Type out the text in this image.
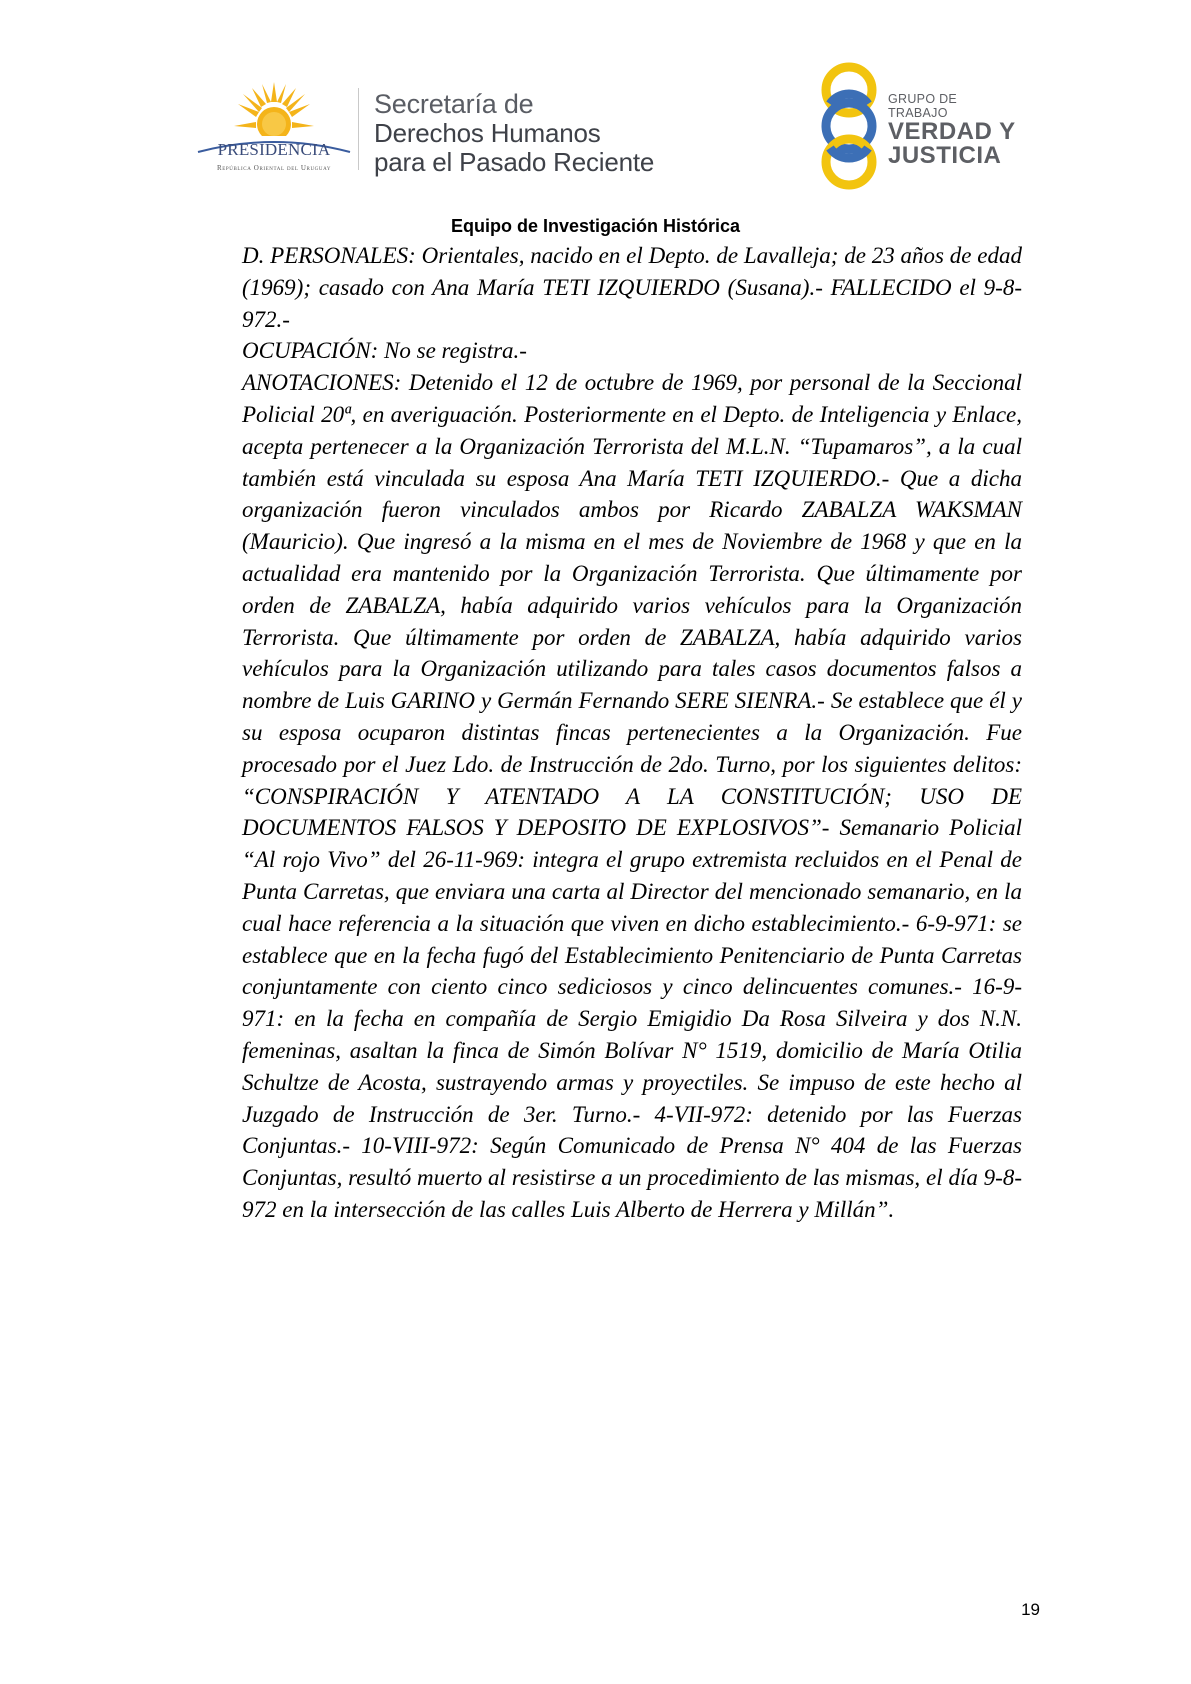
PRESIDENCIA
República Oriental del Uruguay
Secretaría de
Derechos Humanos
para el Pasado Reciente
GRUPO DE TRABAJO
VERDAD Y
JUSTICIA
Equipo de Investigación Histórica

D. PERSONALES: Orientales, nacido en el Depto. de Lavalleja; de 23 años de edad (1969); casado con Ana María TETI IZQUIERDO (Susana).- FALLECIDO el 9-8-972.-

OCUPACIÓN: No se registra.-

ANOTACIONES: Detenido el 12 de octubre de 1969, por personal de la Seccional Policial 20ª, en averiguación. Posteriormente en el Depto. de Inteligencia y Enlace, acepta pertenecer a la Organización Terrorista del M.L.N. “Tupamaros”, a la cual también está vinculada su esposa Ana María TETI IZQUIERDO.- Que a dicha organización fueron vinculados ambos por Ricardo ZABALZA WAKSMAN (Mauricio). Que ingresó a la misma en el mes de Noviembre de 1968 y que en la actualidad era mantenido por la Organización Terrorista. Que últimamente por orden de ZABALZA, había adquirido varios vehículos para la Organización Terrorista. Que últimamente por orden de ZABALZA, había adquirido varios vehículos para la Organización utilizando para tales casos documentos falsos a nombre de Luis GARINO y Germán Fernando SERE SIENRA.- Se establece que él y su esposa ocuparon distintas fincas pertenecientes a la Organización. Fue procesado por el Juez Ldo. de Instrucción de 2do. Turno, por los siguientes delitos: “CONSPIRACIÓN Y ATENTADO A LA CONSTITUCIÓN; USO DE DOCUMENTOS FALSOS Y DEPOSITO DE EXPLOSIVOS”- Semanario Policial “Al rojo Vivo” del 26-11-969: integra el grupo extremista recluidos en el Penal de Punta Carretas, que enviara una carta al Director del mencionado semanario, en la cual hace referencia a la situación que viven en dicho establecimiento.- 6-9-971: se establece que en la fecha fugó del Establecimiento Penitenciario de Punta Carretas conjuntamente con ciento cinco sediciosos y cinco delincuentes comunes.- 16-9-971: en la fecha en compañía de Sergio Emigidio Da Rosa Silveira y dos N.N. femeninas, asaltan la finca de Simón Bolívar N° 1519, domicilio de María Otilia Schultze de Acosta, sustrayendo armas y proyectiles. Se impuso de este hecho al Juzgado de Instrucción de 3er. Turno.- 4-VII-972: detenido por las Fuerzas Conjuntas.- 10-VIII-972: Según Comunicado de Prensa N° 404 de las Fuerzas Conjuntas, resultó muerto al resistirse a un procedimiento de las mismas, el día 9-8-972 en la intersección de las calles Luis Alberto de Herrera y Millán”.

19
